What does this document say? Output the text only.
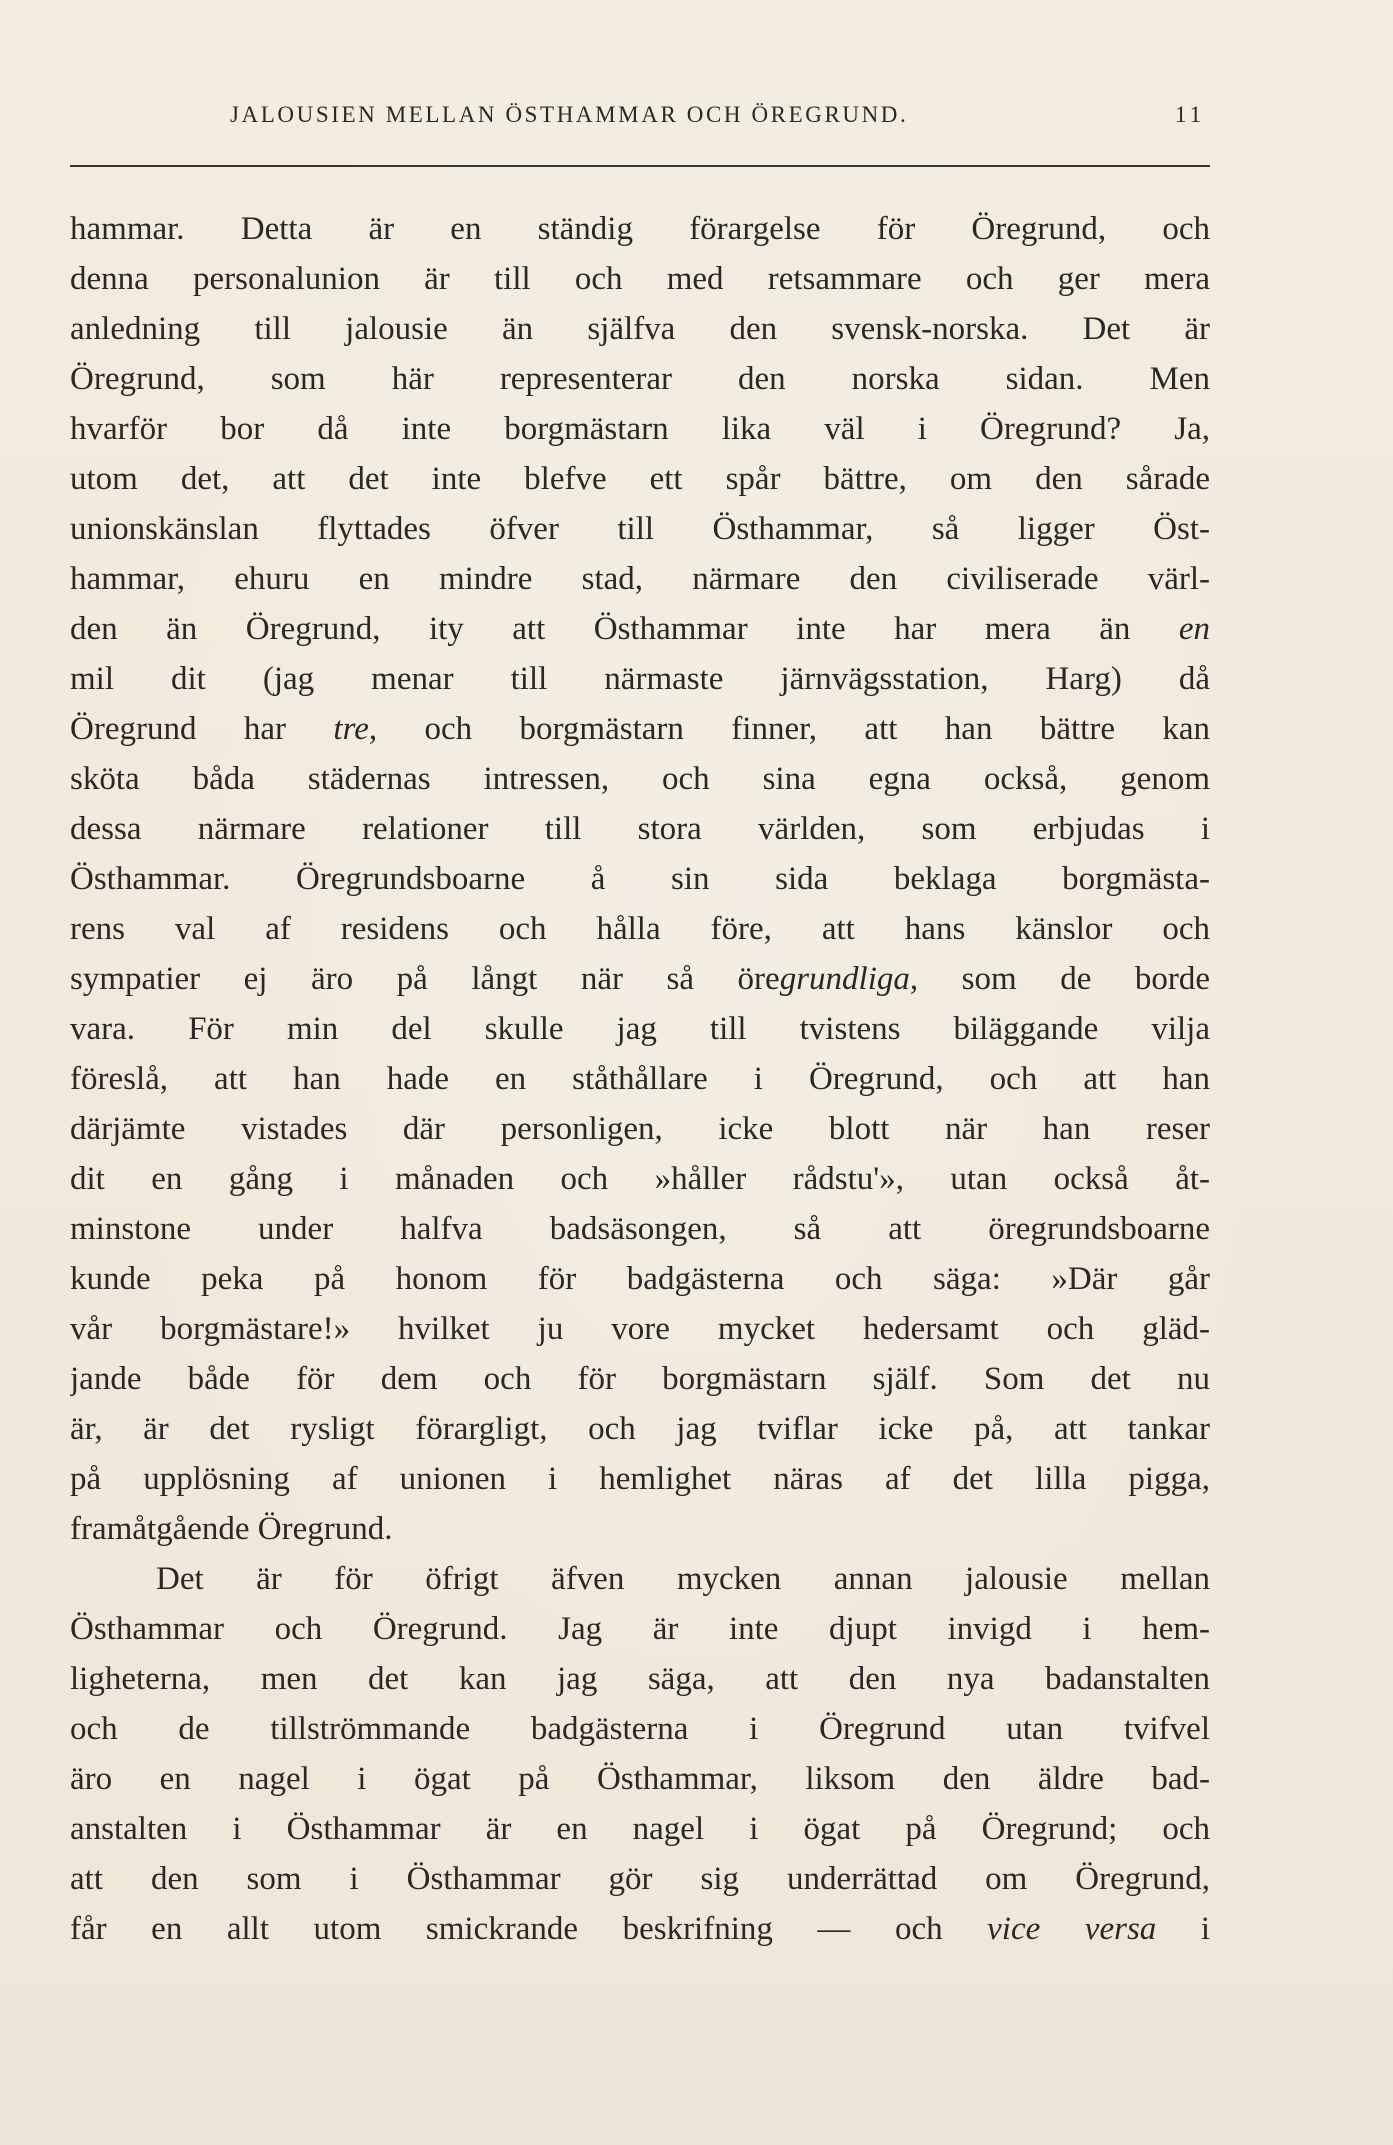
JALOUSIEN MELLAN ÖSTHAMMAR OCH ÖREGRUND.	11
hammar. Detta är en ständig förargelse för Öregrund, och
denna personalunion är till och med retsammare och ger mera
anledning till jalousie än själfva den svensk-norska. Det är
Öregrund, som här representerar den norska sidan. Men
hvarför bor då inte borgmästarn lika väl i Öregrund? Ja,
utom det, att det inte blefve ett spår bättre, om den sårade
unionskänslan flyttades öfver till Östhammar, så ligger Öst-
hammar, ehuru en mindre stad, närmare den civiliserade värl-
den än Öregrund, ity att Östhammar inte har mera än en
mil dit (jag menar till närmaste järnvägsstation, Harg) då
Öregrund har tre, och borgmästarn finner, att han bättre kan
sköta båda städernas intressen, och sina egna också, genom
dessa närmare relationer till stora världen, som erbjudas i
Östhammar. Öregrundsboarne å sin sida beklaga borgmästa-
rens val af residens och hålla före, att hans känslor och
sympatier ej äro på långt när så öregrundliga, som de borde
vara. För min del skulle jag till tvistens biläggande vilja
föreslå, att han hade en ståthållare i Öregrund, och att han
därjämte vistades där personligen, icke blott när han reser
dit en gång i månaden och »håller rådstu'», utan också åt-
minstone under halfva badsäsongen, så att öregrundsboarne
kunde peka på honom för badgästerna och säga: »Där går
vår borgmästare!» hvilket ju vore mycket hedersamt och gläd-
jande både för dem och för borgmästarn själf. Som det nu
är, är det rysligt förargligt, och jag tviflar icke på, att tankar
på upplösning af unionen i hemlighet näras af det lilla pigga,
framåtgående Öregrund.
Det är för öfrigt äfven mycken annan jalousie mellan
Östhammar och Öregrund. Jag är inte djupt invigd i hem-
ligheterna, men det kan jag säga, att den nya badanstalten
och de tillströmmande badgästerna i Öregrund utan tvifvel
äro en nagel i ögat på Östhammar, liksom den äldre bad-
anstalten i Östhammar är en nagel i ögat på Öregrund; och
att den som i Östhammar gör sig underrättad om Öregrund,
får en allt utom smickrande beskrifning — och vice versa i
